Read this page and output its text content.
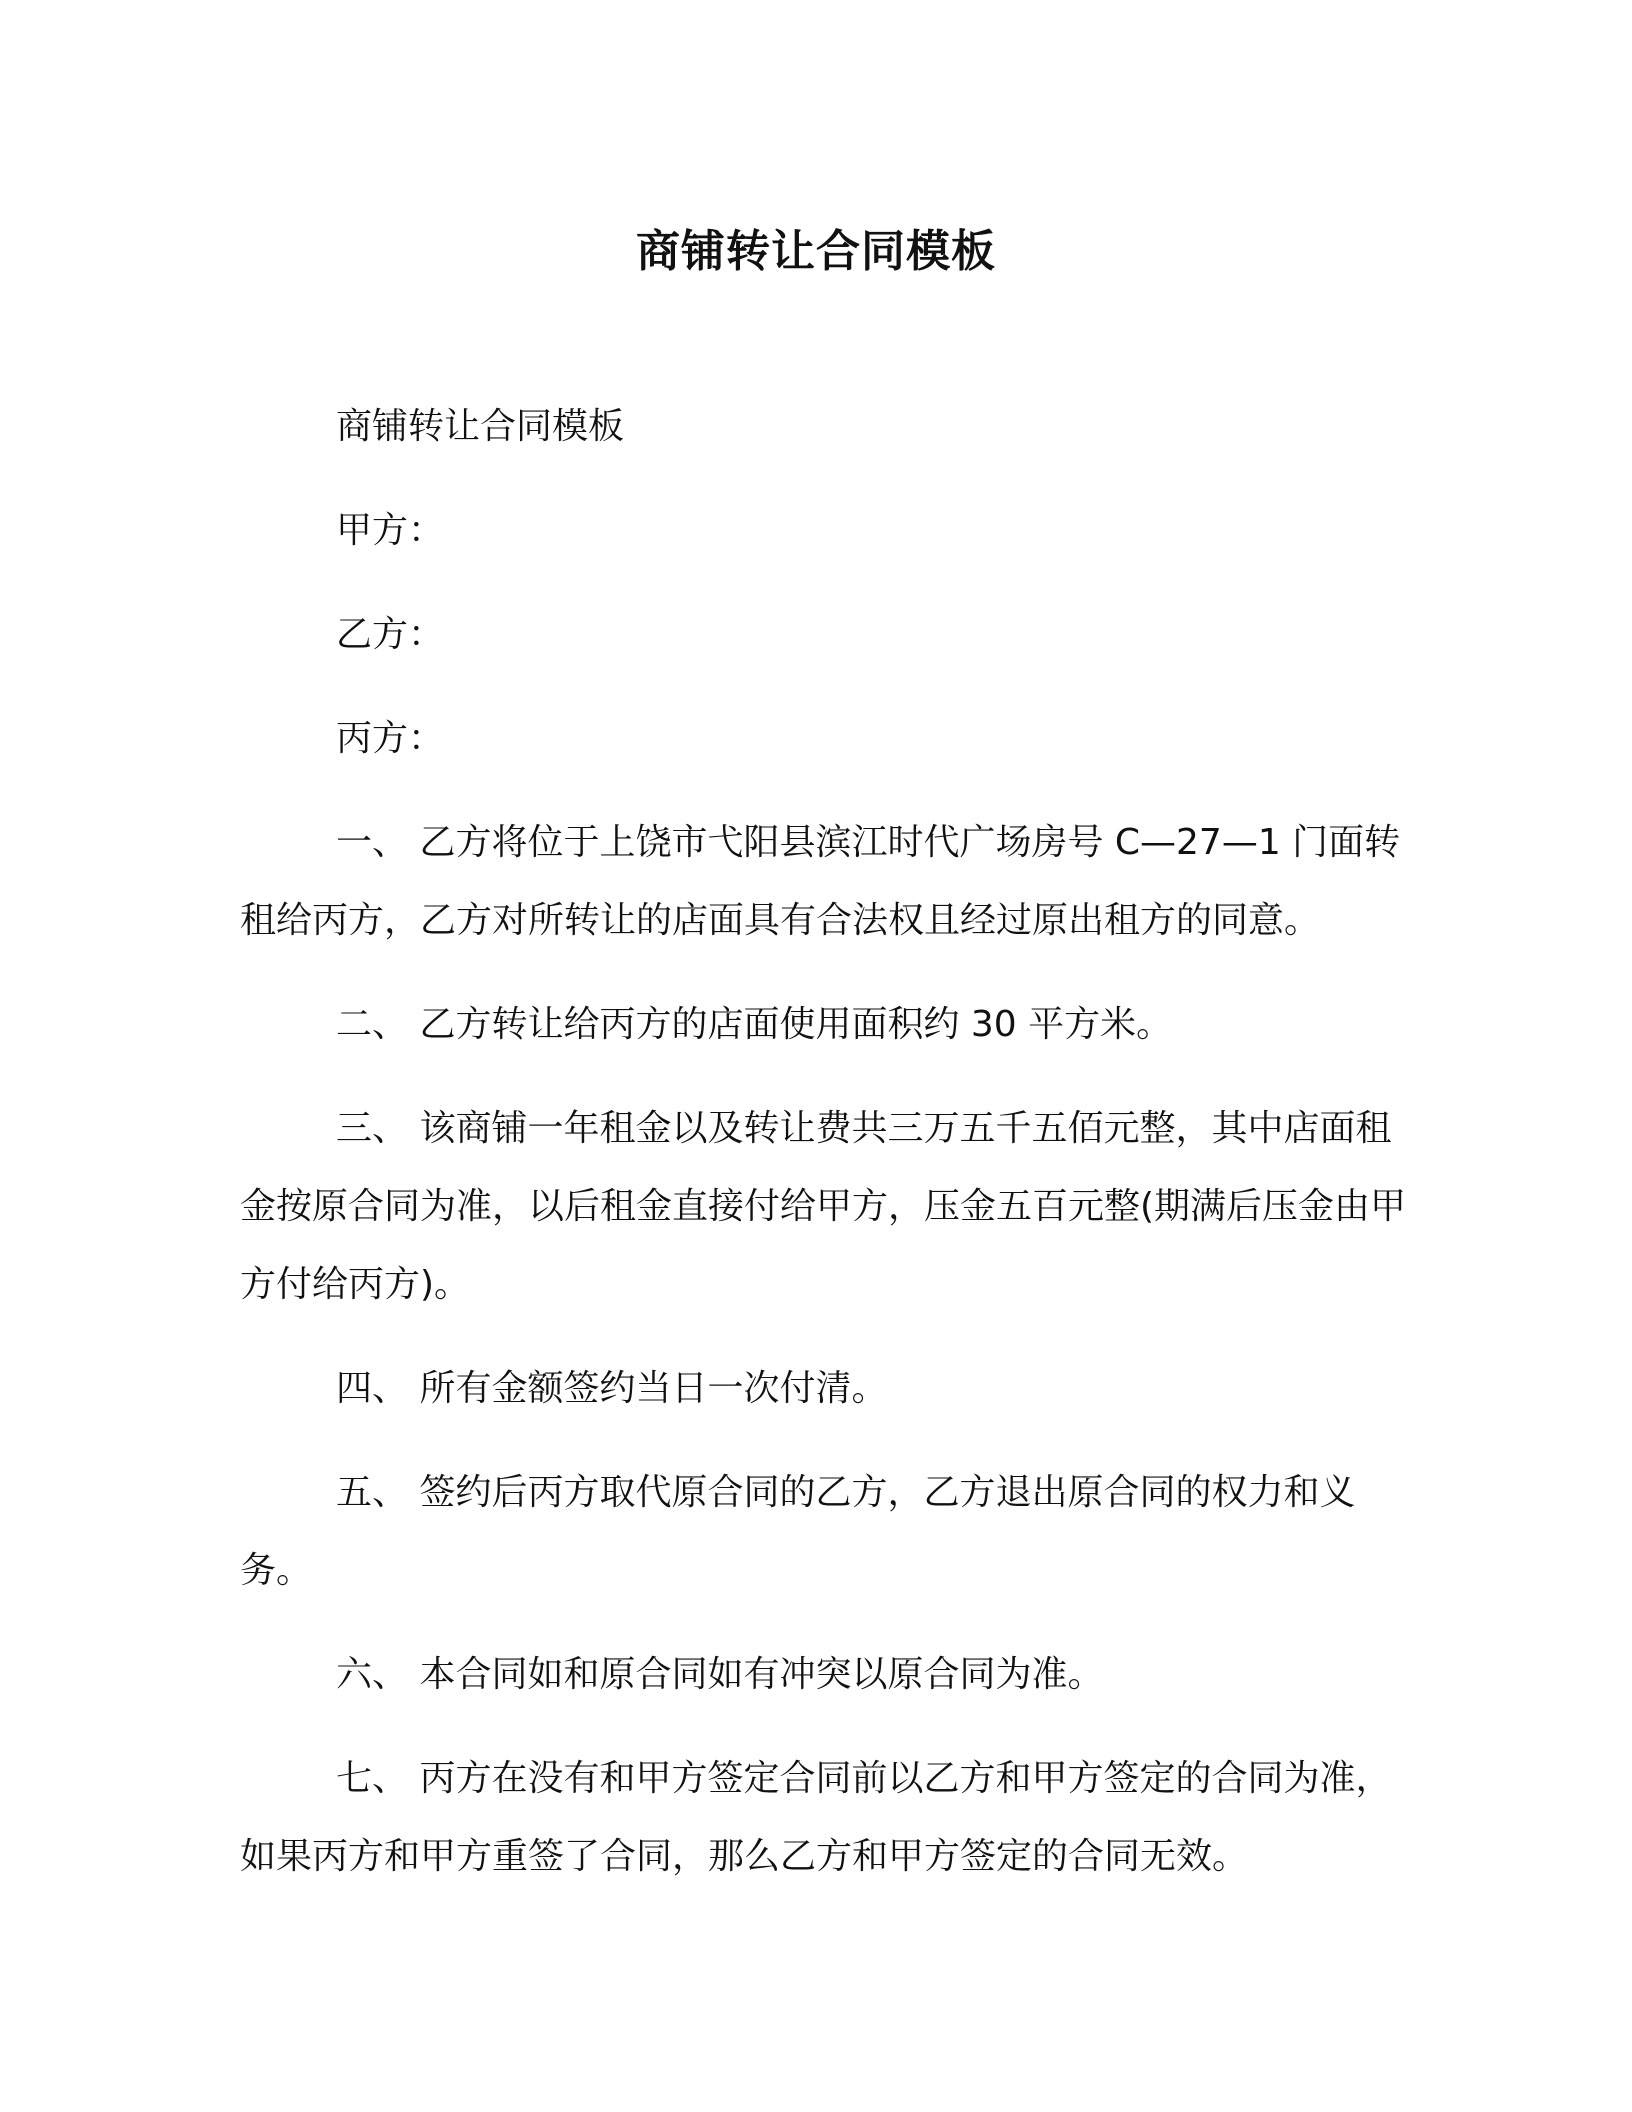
商铺转让合同模板

商铺转让合同模板

甲方：

乙方：

丙方：

一、 乙方将位于上饶市弋阳县滨江时代广场房号 C—27—1 门面转租给丙方，乙方对所转让的店面具有合法权且经过原出租方的同意。

二、 乙方转让给丙方的店面使用面积约 30 平方米。

三、 该商铺一年租金以及转让费共三万五千五佰元整，其中店面租金按原合同为准，以后租金直接付给甲方，压金五百元整(期满后压金由甲方付给丙方)。

四、 所有金额签约当日一次付清。

五、 签约后丙方取代原合同的乙方，乙方退出原合同的权力和义务。

六、 本合同如和原合同如有冲突以原合同为准。

七、 丙方在没有和甲方签定合同前以乙方和甲方签定的合同为准，如果丙方和甲方重签了合同，那么乙方和甲方签定的合同无效。
